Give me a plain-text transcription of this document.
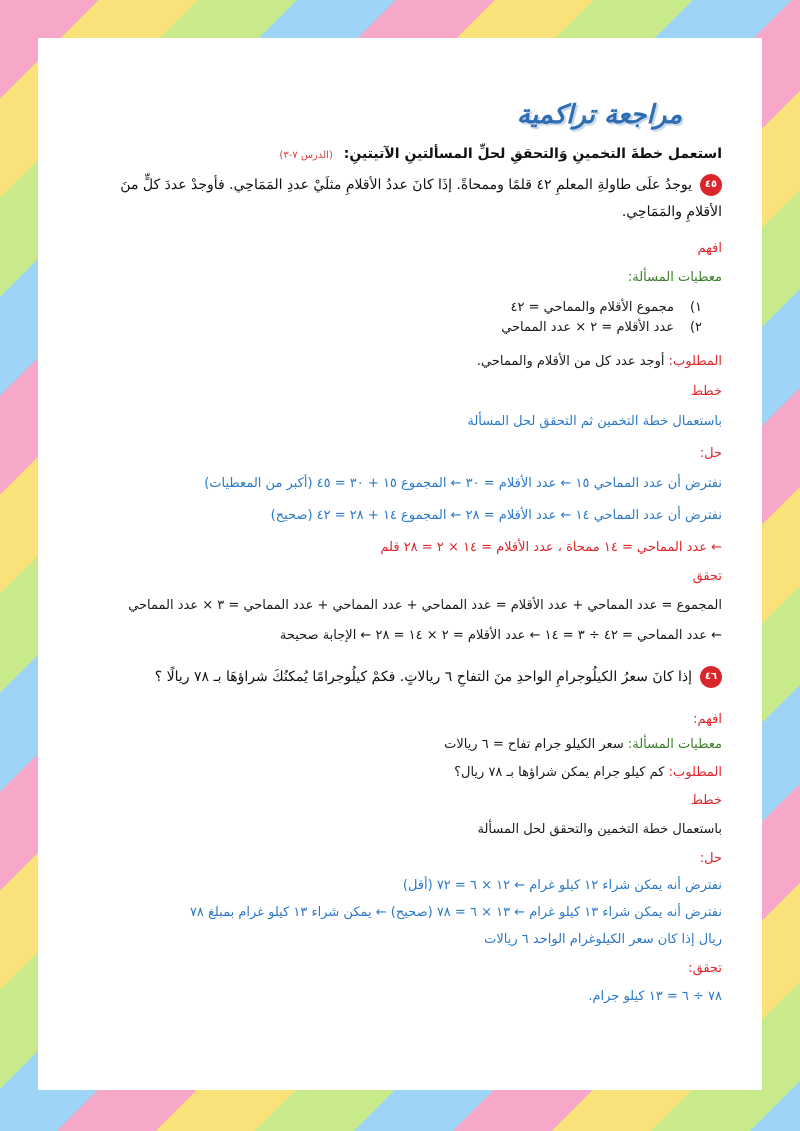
مراجعة تراكمية
استعمل خطةَ التخمينِ وَالتحققِ لحلِّ المسألتينِ الآتيتينِ: (الدرس ٧-٣)
٤٥يوجدُ علَى طاولةِ المعلمِ ٤٢ قلمًا وممحاةً. إذَا كانَ عددُ الأقلامِ مثلَيْ عددِ المَمَاحِي. فأوجدْ عددَ كلٍّ منَ
الأقلامِ والمَمَاحِي.
افهم
معطيات المسألة:
١)مجموع الأقلام والمماحي = ٤٢
٢)عدد الأقلام = ٢ × عدد المماحي
المطلوب: أوجد عدد كل من الأقلام والمماحي.
خطط
باستعمال خطة التخمين ثم التحقق لحل المسألة
حل:
نفترض أن عدد المماحي ١٥ ← عدد الأقلام = ٣٠ ← المجموع ١٥ + ٣٠ = ٤٥ (أكبر من المعطيات)
نفترض أن عدد المماحي ١٤ ← عدد الأقلام = ٢٨ ← المجموع ١٤ + ٢٨ = ٤٢ (صحيح)
← عدد المماحي = ١٤ ممحاة ، عدد الأقلام = ١٤ × ٢ = ٢٨ قلم
تحقق
المجموع = عدد المماحي + عدد الأقلام = عدد المماحي + عدد المماحي + عدد المماحي = ٣ × عدد المماحي
← عدد المماحي = ٤٢ ÷ ٣ = ١٤ ← عدد الأقلام = ٢ × ١٤ = ٢٨ ← الإجابة صحيحة
٤٦إذا كانَ سعرُ الكيلُوجرامِ الواحدِ منَ التفاحِ ٦ ريالاتٍ. فكمْ كيلُوجرامًا يُمكنُكَ شراؤهَا بـ ٧٨ ريالًا ؟
افهم:
معطيات المسألة: سعر الكيلو جرام تفاح = ٦ ريالات
المطلوب: كم كيلو جرام يمكن شراؤها بـ ٧٨ ريال؟
خطط
باستعمال خطة التخمين والتحقق لحل المسألة
حل:
نفترض أنه يمكن شراء ١٢ كيلو غرام ← ١٢ × ٦ = ٧٢ (أقل)
نفترض أنه يمكن شراء ١٣ كيلو غرام ← ١٣ × ٦ = ٧٨ (صحيح) ← يمكن شراء ١٣ كيلو غرام بمبلغ ٧٨
ريال إذا كان سعر الكيلوغرام الواحد ٦ ريالات
تحقق:
٧٨ ÷ ٦ = ١٣ كيلو جرام.
